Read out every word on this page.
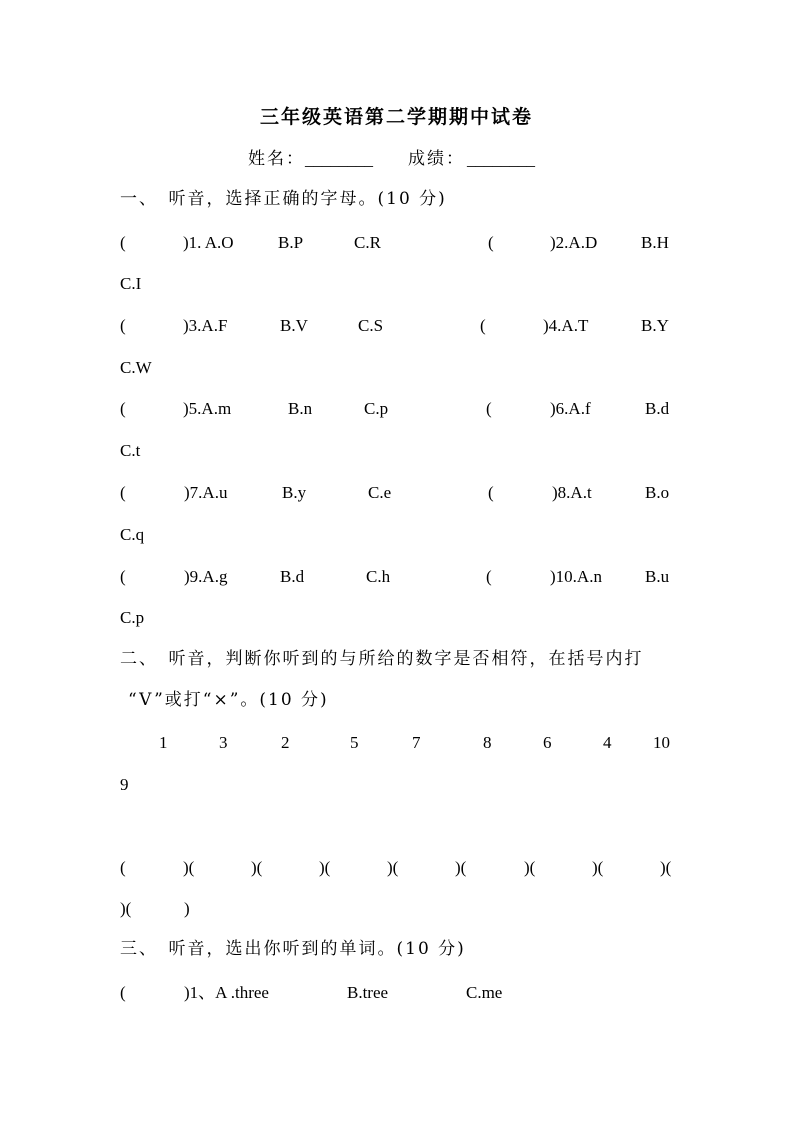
三年级英语第二学期期中试卷
姓名： ________ 成绩： ________
一、　听音，选择正确的字母。(10 分)
(	)1. A.O	B.P	C.R	(	)2.A.D	B.H
C.I
(	)3.A.F	B.V	C.S	(	)4.A.T	B.Y
C.W
(	)5.A.m	B.n	C.p	(	)6.A.f	B.d
C.t
(	)7.A.u	B.y	C.e	(	)8.A.t	B.o
C.q
(	)9.A.g	B.d	C.h	(	)10.A.n	B.u
C.p
二、　听音，判断你听到的与所给的数字是否相符，在括号内打
“V”或打“×”。(10 分)
1	3	2	5	7	8	6	4 10
9
(	)(	)(	)(	)(	)(	)(	)(	)(
)(	)
三、　听音，选出你听到的单词。(10 分)
(	)1、A .three	B.tree	C.me
